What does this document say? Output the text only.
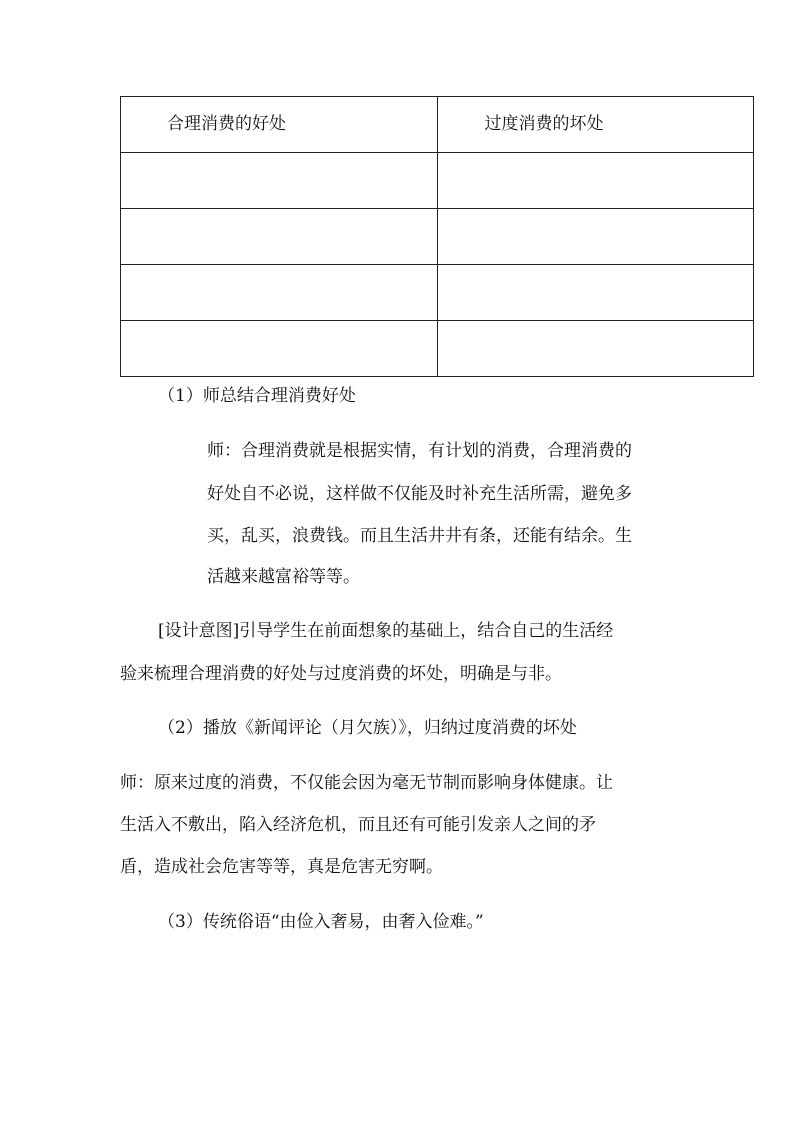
合理消费的好处	过度消费的坏处

（1）师总结合理消费好处
师：合理消费就是根据实情，有计划的消费，合理消费的
好处自不必说，这样做不仅能及时补充生活所需，避免多
买，乱买，浪费钱。而且生活井井有条，还能有结余。生
活越来越富裕等等。
[设计意图]引导学生在前面想象的基础上，结合自己的生活经
验来梳理合理消费的好处与过度消费的坏处，明确是与非。
（2）播放《新闻评论（月欠族）》，归纳过度消费的坏处
师：原来过度的消费，不仅能会因为毫无节制而影响身体健康。让
生活入不敷出，陷入经济危机，而且还有可能引发亲人之间的矛
盾，造成社会危害等等，真是危害无穷啊。
（3）传统俗语“由俭入奢易，由奢入俭难。”
